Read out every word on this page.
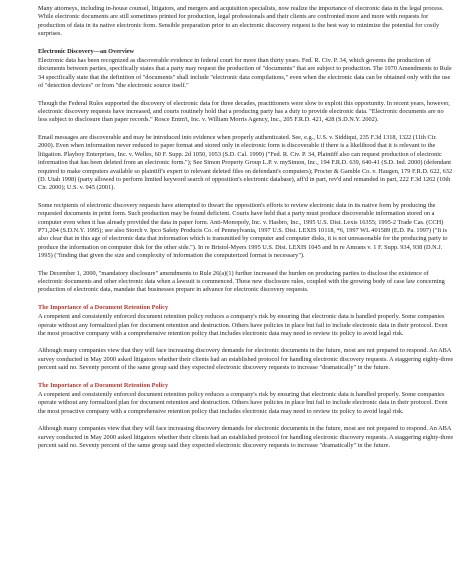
Many attorneys, including in-house counsel, litigators, and mergers and acquisition specialists, now realize the importance of electronic data in the legal process. While electronic documents are still sometimes printed for production, legal professionals and their clients are confronted more and more with requests for production of data in its native electronic form. Sensible preparation prior to an electronic discovery request is the best way to minimize the potential for costly surprises.

Electronic Discovery—an Overview

Electronic data has been recognized as discoverable evidence in federal court for more than thirty years. Fed. R. Civ. P. 34, which governs the production of documents between parties, specifically states that a party may request the production of "documents" that are subject to production. The 1970 Amendments to Rule 34 specifically state that the definition of "documents" shall include "electronic data compilations," even when the electronic data can be obtained only with the use of "detection devices" or from "the electronic source itself."

Though the Federal Rules supported the discovery of electronic data for three decades, practitioners were slow to exploit this opportunity. In recent years, however, electronic discovery requests have increased, and courts routinely hold that a producing party has a duty to provide electronic data. "Electronic documents are no less subject to disclosure than paper records." Rosce Entm't, Inc. v. William Morris Agency, Inc., 205 F.R.D. 421, 428 (S.D.N.Y. 2002).

Email messages are discoverable and may be introduced into evidence when properly authenticated. See, e.g., U.S. v. Siddiqui, 235 F.3d 1318, 1322 (11th Cir. 2000). Even when information never reduced to paper format and stored only in electronic form is discoverable if there is a likelihood that it is relevant to the litigation. Playboy Enterprises, Inc. v. Welles, 60 F. Supp. 2d 1050, 1053 (S.D. Cal. 1999) ("Fed. R. Civ. P. 34, Plaintiff also can request production of electronic information that has been deleted from an electronic form."); See Simon Property Group L.P. v. mySimon, Inc., 194 F.R.D. 639, 640-41 (S.D. Ind. 2000) (defendant required to make computers available so plaintiff's expert to relevant deleted files on defendant's computers); Procter & Gamble Co. v. Haugen, 179 F.R.D. 622, 632 (D. Utah 1998) (party allowed to perform limited keyword search of opposition's electronic database), aff'd in part, rev'd and remanded in part, 222 F.3d 1262 (10th Cir. 2000); U.S. v. 945 (2001).

Some recipients of electronic discovery requests have attempted to thwart the opposition's efforts to review electronic data in its native form by producing the requested documents in print form. Such production may be found deficient. Courts have held that a party must produce discoverable information stored on a computer even when it has already provided the data in paper form. Anti-Monopoly, Inc. v. Hasbro, Inc., 1995 U.S. Dist. Lexis 16355; 1995-2 Trade Cas. (CCH) P71,204 (S.D.N.Y. 1995); see also Storch v. Ipco Safety Products Co. of Pennsylvania, 1997 U.S. Dist. LEXIS 10118, *6, 1997 WL 401589 (E.D. Pa. 1997) ("It is also clear that in this age of electronic data that information which is transmitted by computer and computer disks, it is not unreasonable for the producing party to produce the information on computer disk for the other side."). In re Bristol-Myers 1995 U.S. Dist. LEXIS 1045 and In re Amrans v. 1 F. Supp. 934, 938 (D.N.J. 1995) ("finding that given the size and complexity of information the computerized format is necessary").

The December 1, 2000, "mandatory disclosure" amendments to Rule 26(a)(1) further increased the burden on producing parties to disclose the existence of electronic documents and other electronic data when a lawsuit is commenced. These new disclosure rules, coupled with the growing body of case law concerning production of electronic data, mandate that businesses prepare in advance for electronic discovery requests.

The Importance of a Document Retention Policy

A competent and consistently enforced document retention policy reduces a company's risk by ensuring that electronic data is handled properly. Some companies operate without any formalized plan for document retention and destruction. Others have policies in place but fail to include electronic data in their protocol. Even the most proactive company with a comprehensive retention policy that includes electronic data may need to review its policy to avoid legal risk.

Although many companies view that they will face increasing discovery demands for electronic documents in the future, most are not prepared to respond. An ABA survey conducted in May 2000 asked litigators whether their clients had an established protocol for handling electronic discovery requests. A staggering eighty-three percent said no. Seventy percent of the same group said they expected electronic discovery requests to increase "dramatically" in the future.

The Importance of a Document Retention Policy

A competent and consistently enforced document retention policy reduces a company's risk by ensuring that electronic data is handled properly. Some companies operate without any formalized plan for document retention and destruction. Others have policies in place but fail to include electronic data in their protocol. Even the most proactive company with a comprehensive retention policy that includes electronic data may need to review its policy to avoid legal risk.

Although many companies view that they will face increasing discovery demands for electronic documents in the future, most are not prepared to respond. An ABA survey conducted in May 2000 asked litigators whether their clients had an established protocol for handling electronic discovery requests. A staggering eighty-three percent said no. Seventy percent of the same group said they expected electronic discovery requests to increase "dramatically" in the future.
